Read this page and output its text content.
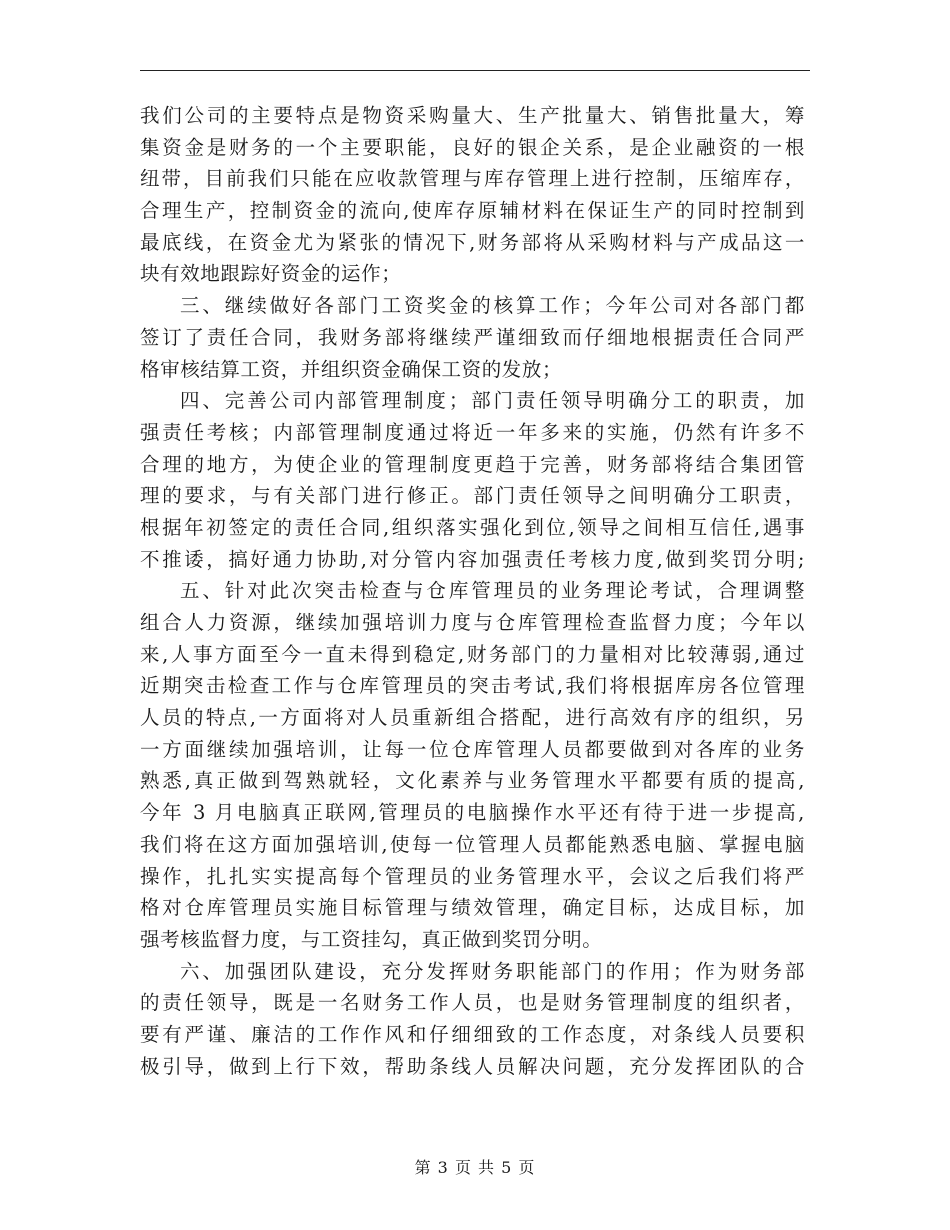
我们公司的主要特点是物资采购量大、生产批量大、销售批量大，筹
集资金是财务的一个主要职能，良好的银企关系，是企业融资的一根
纽带，目前我们只能在应收款管理与库存管理上进行控制，压缩库存，
合理生产，控制资金的流向,使库存原辅材料在保证生产的同时控制到
最底线，在资金尤为紧张的情况下,财务部将从采购材料与产成品这一
块有效地跟踪好资金的运作；
三、继续做好各部门工资奖金的核算工作；今年公司对各部门都
签订了责任合同，我财务部将继续严谨细致而仔细地根据责任合同严
格审核结算工资，并组织资金确保工资的发放；
四、完善公司内部管理制度；部门责任领导明确分工的职责，加
强责任考核；内部管理制度通过将近一年多来的实施，仍然有许多不
合理的地方，为使企业的管理制度更趋于完善，财务部将结合集团管
理的要求，与有关部门进行修正。部门责任领导之间明确分工职责，
根据年初签定的责任合同,组织落实强化到位,领导之间相互信任,遇事
不推诿，搞好通力协助,对分管内容加强责任考核力度,做到奖罚分明;
五、针对此次突击检查与仓库管理员的业务理论考试，合理调整
组合人力资源，继续加强培训力度与仓库管理检查监督力度；今年以
来,人事方面至今一直未得到稳定,财务部门的力量相对比较薄弱,通过
近期突击检查工作与仓库管理员的突击考试,我们将根据库房各位管理
人员的特点,一方面将对人员重新组合搭配，进行高效有序的组织，另
一方面继续加强培训，让每一位仓库管理人员都要做到对各库的业务
熟悉,真正做到驾熟就轻，文化素养与业务管理水平都要有质的提高,
今年 3 月电脑真正联网,管理员的电脑操作水平还有待于进一步提高,
我们将在这方面加强培训,使每一位管理人员都能熟悉电脑、掌握电脑
操作，扎扎实实提高每个管理员的业务管理水平，会议之后我们将严
格对仓库管理员实施目标管理与绩效管理，确定目标，达成目标，加
强考核监督力度，与工资挂勾，真正做到奖罚分明。
六、加强团队建设，充分发挥财务职能部门的作用；作为财务部
的责任领导，既是一名财务工作人员，也是财务管理制度的组织者，
要有严谨、廉洁的工作作风和仔细细致的工作态度，对条线人员要积
极引导，做到上行下效，帮助条线人员解决问题，充分发挥团队的合
第 3 页 共 5 页
